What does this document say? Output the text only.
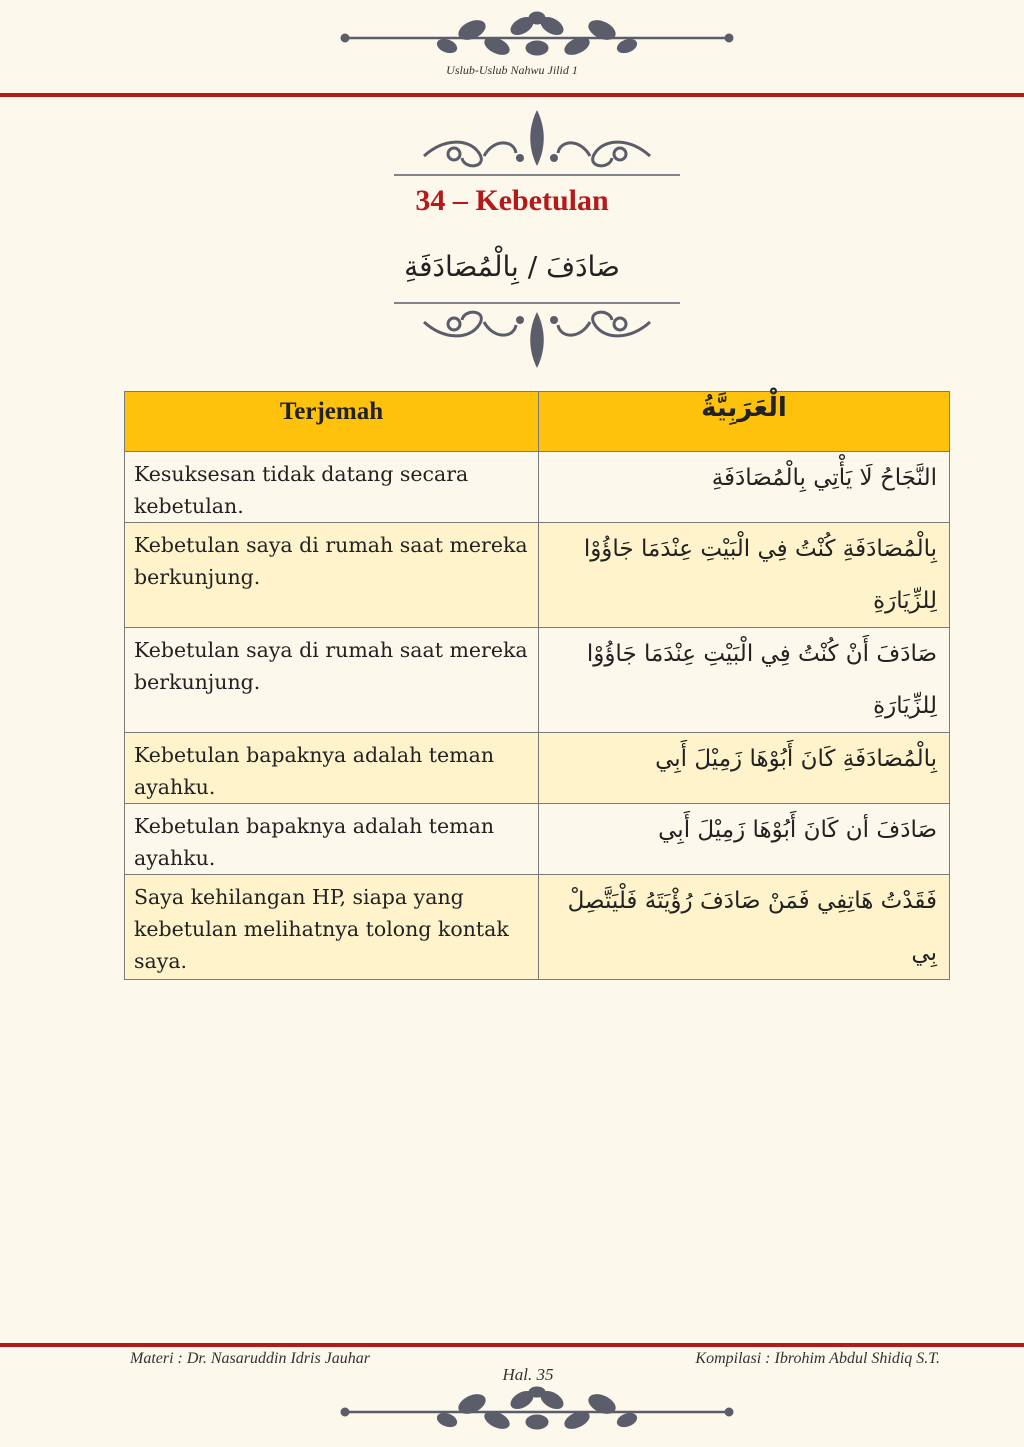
Uslub-Uslub Nahwu Jilid 1
34 – Kebetulan
صَادَفَ / بِالْمُصَادَفَةِ
Terjemah	الْعَرَبِيَّةُ
Kesuksesan tidak datang secara kebetulan.	النَّجَاحُ لَا يَأْتِي بِالْمُصَادَفَةِ
Kebetulan saya di rumah saat mereka berkunjung.	بِالْمُصَادَفَةِ كُنْتُ فِي الْبَيْتِ عِنْدَمَا جَاؤُوْا لِلزِّيَارَةِ
Kebetulan saya di rumah saat mereka berkunjung.	صَادَفَ أَنْ كُنْتُ فِي الْبَيْتِ عِنْدَمَا جَاؤُوْا لِلزِّيَارَةِ
Kebetulan bapaknya adalah teman ayahku.	بِالْمُصَادَفَةِ كَانَ أَبُوْهَا زَمِيْلَ أَبِي
Kebetulan bapaknya adalah teman ayahku.	صَادَفَ أن كَانَ أَبُوْهَا زَمِيْلَ أَبِي
Saya kehilangan HP, siapa yang kebetulan melihatnya tolong kontak saya.	فَقَدْتُ هَاتِفِي فَمَنْ صَادَفَ رُؤْيَتَهُ فَلْيَتَّصِلْ بِي
Materi : Dr. Nasaruddin Idris Jauhar	Kompilasi : Ibrohim Abdul Shidiq S.T.
Hal. 35
